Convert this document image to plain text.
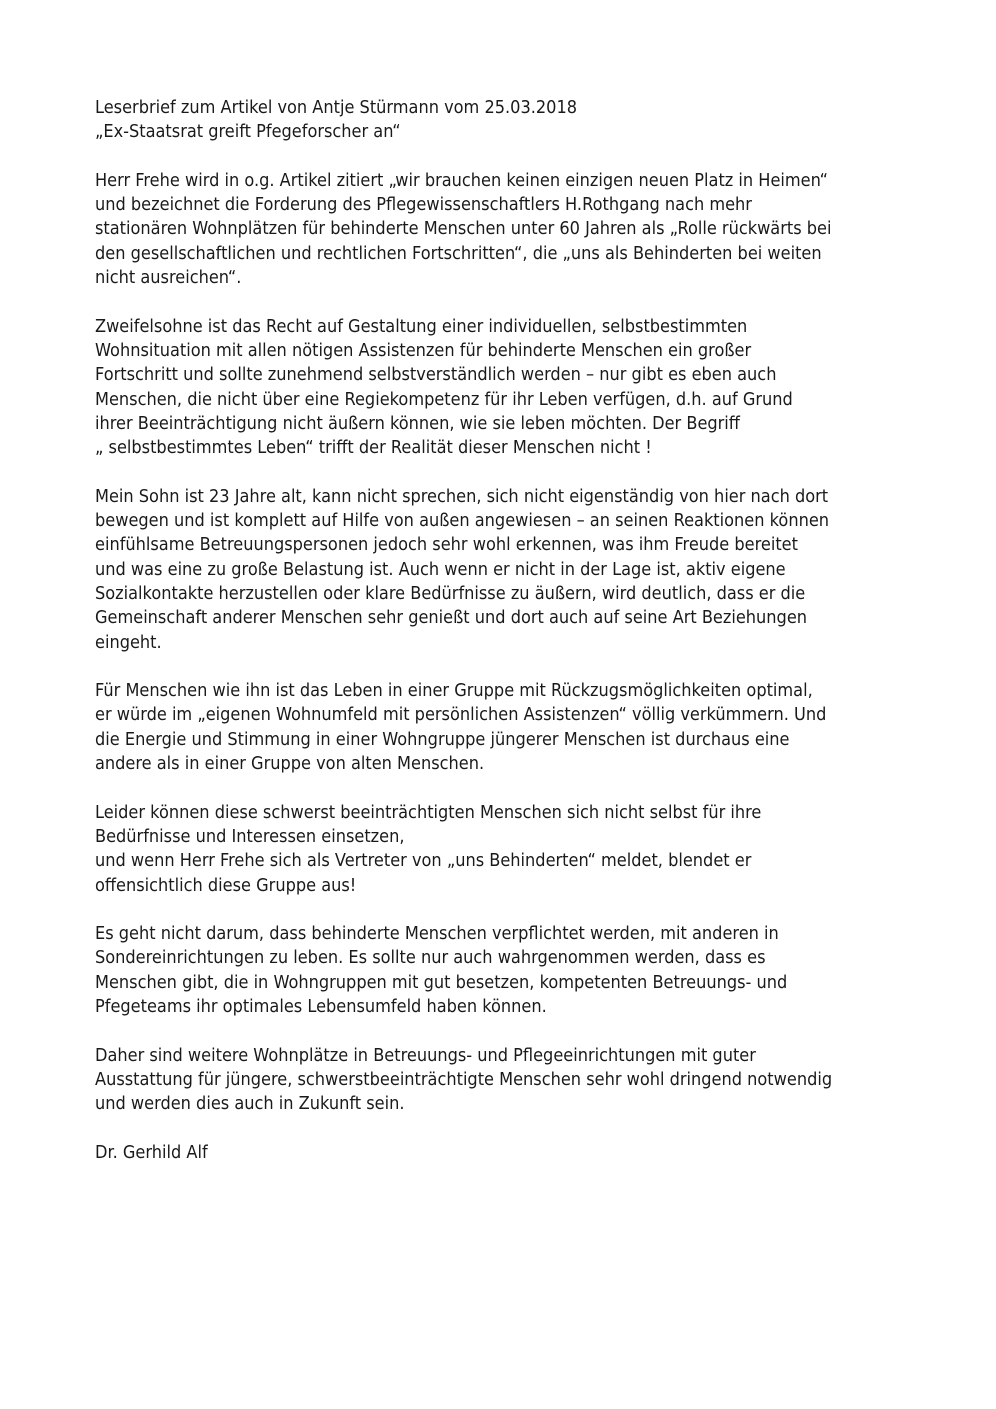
Leserbrief zum Artikel von Antje Stürmann vom 25.03.2018
„Ex-Staatsrat greift Pfegeforscher an“
Herr Frehe wird in o.g. Artikel zitiert „wir brauchen keinen einzigen neuen Platz in Heimen“
und bezeichnet die Forderung des Pflegewissenschaftlers H.Rothgang nach mehr
stationären Wohnplätzen für behinderte Menschen unter 60 Jahren als „Rolle rückwärts bei
den gesellschaftlichen und rechtlichen Fortschritten“, die „uns als Behinderten bei weiten
nicht ausreichen“.
Zweifelsohne ist das Recht auf Gestaltung einer individuellen, selbstbestimmten
Wohnsituation mit allen nötigen Assistenzen für behinderte Menschen ein großer
Fortschritt und sollte zunehmend selbstverständlich werden – nur gibt es eben auch
Menschen, die nicht über eine Regiekompetenz für ihr Leben verfügen, d.h. auf Grund
ihrer Beeinträchtigung nicht äußern können, wie sie leben möchten. Der Begriff
„ selbstbestimmtes Leben“ trifft der Realität dieser Menschen nicht !
Mein Sohn ist 23 Jahre alt, kann nicht sprechen, sich nicht eigenständig von hier nach dort
bewegen und ist komplett auf Hilfe von außen angewiesen – an seinen Reaktionen können
einfühlsame Betreuungspersonen jedoch sehr wohl erkennen, was ihm Freude bereitet
und was eine zu große Belastung ist. Auch wenn er nicht in der Lage ist, aktiv eigene
Sozialkontakte herzustellen oder klare Bedürfnisse zu äußern, wird deutlich, dass er die
Gemeinschaft anderer Menschen sehr genießt und dort auch auf seine Art Beziehungen
eingeht.
Für Menschen wie ihn ist das Leben in einer Gruppe mit Rückzugsmöglichkeiten optimal,
er würde im „eigenen Wohnumfeld mit persönlichen Assistenzen“ völlig verkümmern. Und
die Energie und Stimmung in einer Wohngruppe jüngerer Menschen ist durchaus eine
andere als in einer Gruppe von alten Menschen.
Leider können diese schwerst beeinträchtigten Menschen sich nicht selbst für ihre
Bedürfnisse und Interessen einsetzen,
und wenn Herr Frehe sich als Vertreter von „uns Behinderten“ meldet, blendet er
offensichtlich diese Gruppe aus!
Es geht nicht darum, dass behinderte Menschen verpflichtet werden, mit anderen in
Sondereinrichtungen zu leben. Es sollte nur auch wahrgenommen werden, dass es
Menschen gibt, die in Wohngruppen mit gut besetzen, kompetenten Betreuungs- und
Pfegeteams ihr optimales Lebensumfeld haben können.
Daher sind weitere Wohnplätze in Betreuungs- und Pflegeeinrichtungen mit guter
Ausstattung für jüngere, schwerstbeeinträchtigte Menschen sehr wohl dringend notwendig
und werden dies auch in Zukunft sein.
Dr. Gerhild Alf
